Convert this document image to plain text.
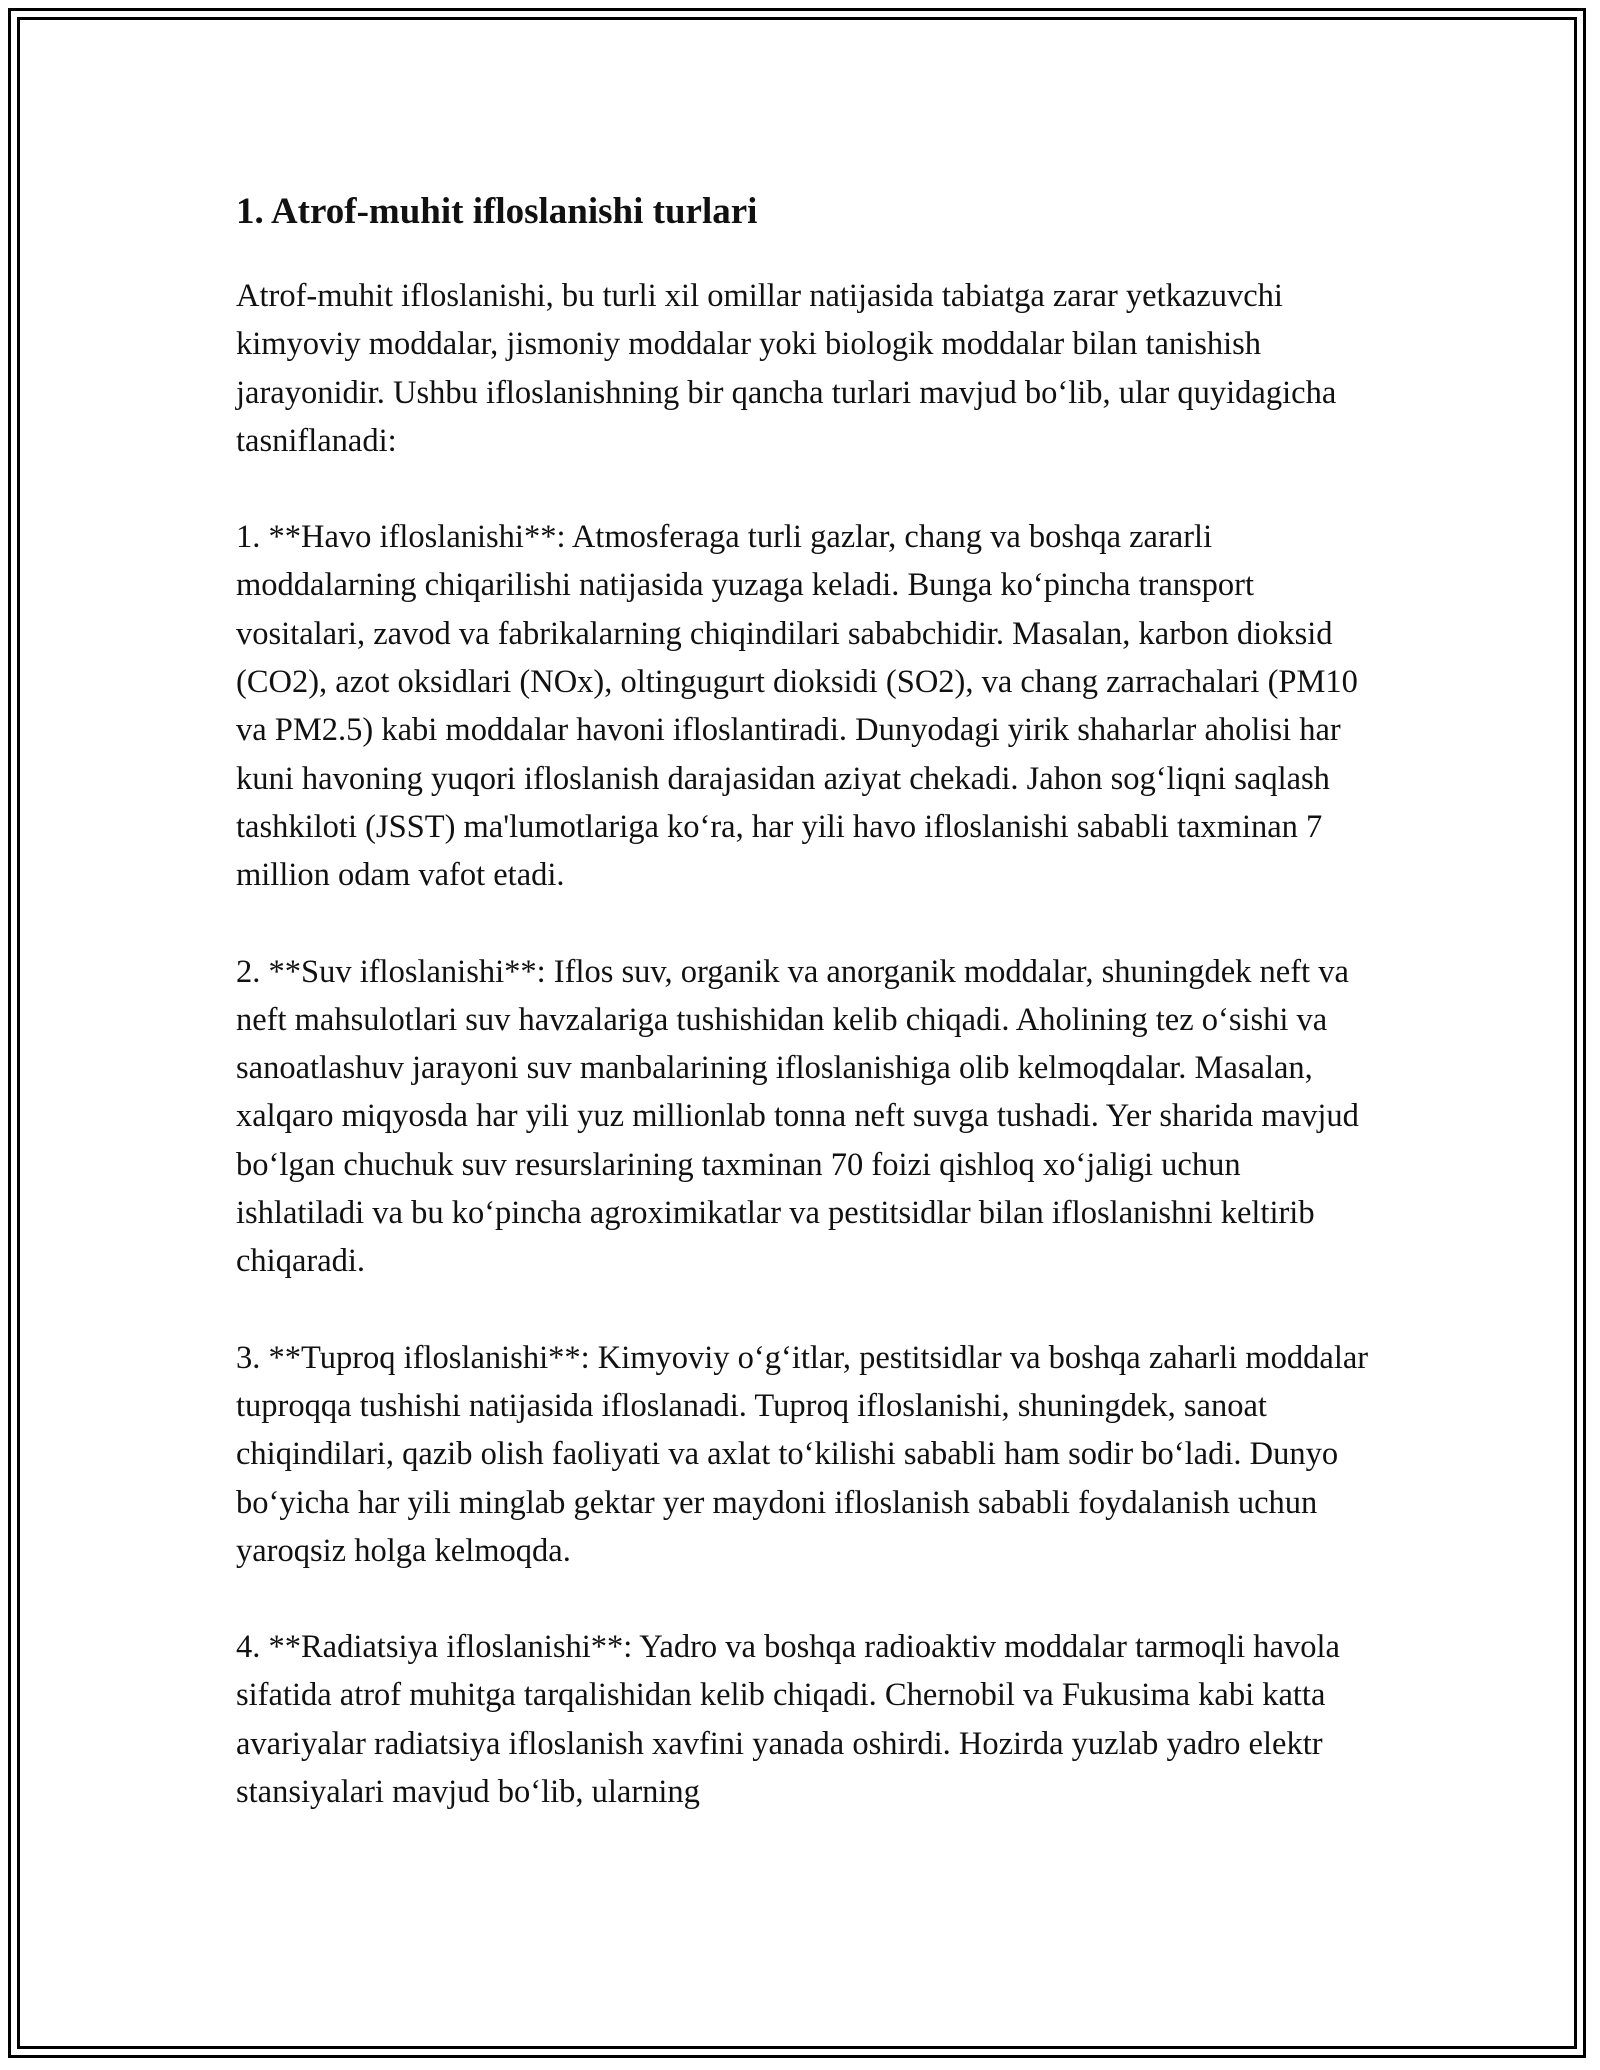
1. Atrof-muhit ifloslanishi turlari

Atrof-muhit ifloslanishi, bu turli xil omillar natijasida tabiatga zarar yetkazuvchi kimyoviy moddalar, jismoniy moddalar yoki biologik moddalar bilan tanishish jarayonidir. Ushbu ifloslanishning bir qancha turlari mavjud bo‘lib, ular quyidagicha tasniflanadi:

1. **Havo ifloslanishi**: Atmosferaga turli gazlar, chang va boshqa zararli moddalarning chiqarilishi natijasida yuzaga keladi. Bunga ko‘pincha transport vositalari, zavod va fabrikalarning chiqindilari sababchidir. Masalan, karbon dioksid (CO2), azot oksidlari (NOx), oltingugurt dioksidi (SO2), va chang zarrachalari (PM10 va PM2.5) kabi moddalar havoni ifloslantiradi. Dunyodagi yirik shaharlar aholisi har kuni havoning yuqori ifloslanish darajasidan aziyat chekadi. Jahon sog‘liqni saqlash tashkiloti (JSST) ma'lumotlariga ko‘ra, har yili havo ifloslanishi sababli taxminan 7 million odam vafot etadi.

2. **Suv ifloslanishi**: Iflos suv, organik va anorganik moddalar, shuningdek neft va neft mahsulotlari suv havzalariga tushishidan kelib chiqadi. Aholining tez o‘sishi va sanoatlashuv jarayoni suv manbalarining ifloslanishiga olib kelmoqdalar. Masalan, xalqaro miqyosda har yili yuz millionlab tonna neft suvga tushadi. Yer sharida mavjud bo‘lgan chuchuk suv resurslarining taxminan 70 foizi qishloq xo‘jaligi uchun ishlatiladi va bu ko‘pincha agroximikatlar va pestitsidlar bilan ifloslanishni keltirib chiqaradi.

3. **Tuproq ifloslanishi**: Kimyoviy o‘g‘itlar, pestitsidlar va boshqa zaharli moddalar tuproqqa tushishi natijasida ifloslanadi. Tuproq ifloslanishi, shuningdek, sanoat chiqindilari, qazib olish faoliyati va axlat to‘kilishi sababli ham sodir bo‘ladi. Dunyo bo‘yicha har yili minglab gektar yer maydoni ifloslanish sababli foydalanish uchun yaroqsiz holga kelmoqda.

4. **Radiatsiya ifloslanishi**: Yadro va boshqa radioaktiv moddalar tarmoqli havola sifatida atrof muhitga tarqalishidan kelib chiqadi. Chernobil va Fukusima kabi katta avariyalar radiatsiya ifloslanish xavfini yanada oshirdi. Hozirda yuzlab yadro elektr stansiyalari mavjud bo‘lib, ularning
